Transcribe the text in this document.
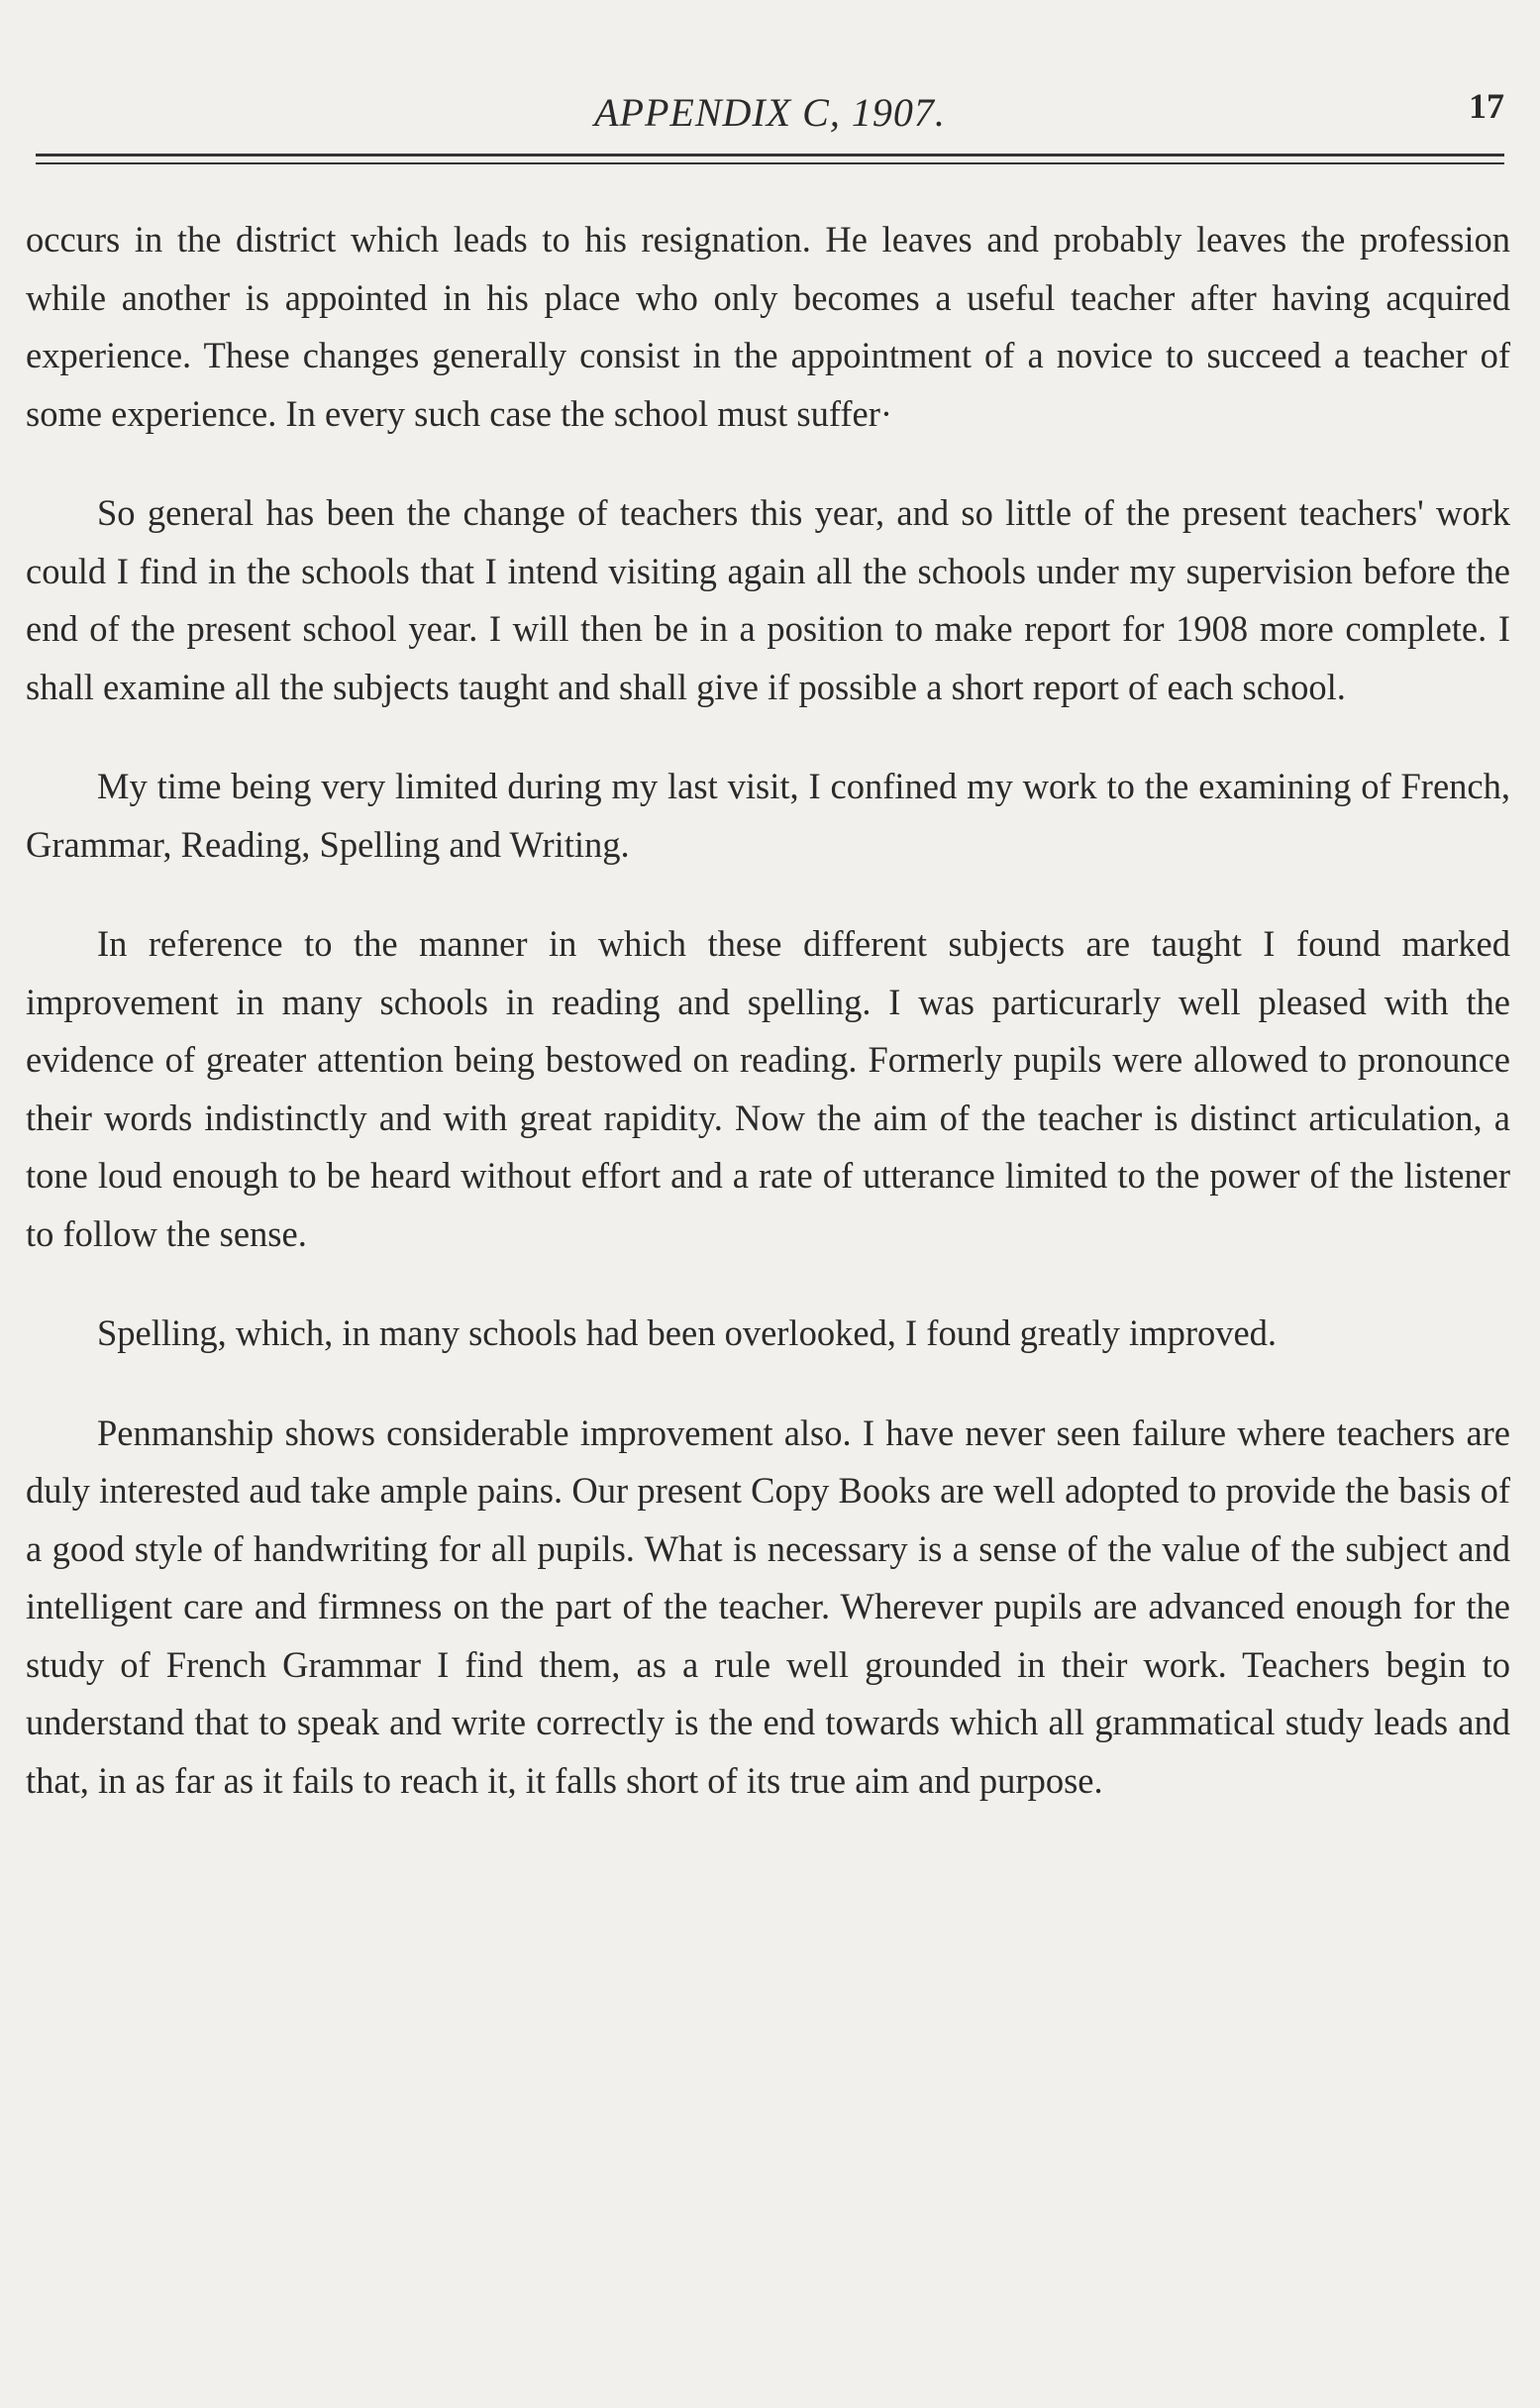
APPENDIX C, 1907.	17

occurs in the district which leads to his resignation. He leaves and probably leaves the profession while another is appointed in his place who only becomes a useful teacher after having acquired experience. These changes generally consist in the appointment of a novice to succeed a teacher of some experience. In every such case the school must suffer·

So general has been the change of teachers this year, and so little of the present teachers' work could I find in the schools that I intend visiting again all the schools under my supervision before the end of the present school year. I will then be in a position to make report for 1908 more complete. I shall examine all the subjects taught and shall give if possible a short report of each school.

My time being very limited during my last visit, I confined my work to the examining of French, Grammar, Reading, Spelling and Writing.

In reference to the manner in which these different subjects are taught I found marked improvement in many schools in reading and spelling. I was particurarly well pleased with the evidence of greater attention being bestowed on reading. Formerly pupils were allowed to pronounce their words indistinctly and with great rapidity. Now the aim of the teacher is distinct articulation, a tone loud enough to be heard without effort and a rate of utterance limited to the power of the listener to follow the sense.

Spelling, which, in many schools had been overlooked, I found greatly improved.

Penmanship shows considerable improvement also. I have never seen failure where teachers are duly interested aud take ample pains. Our present Copy Books are well adopted to provide the basis of a good style of handwriting for all pupils. What is necessary is a sense of the value of the subject and intelligent care and firmness on the part of the teacher. Wherever pupils are advanced enough for the study of French Grammar I find them, as a rule well grounded in their work. Teachers begin to understand that to speak and write correctly is the end towards which all grammatical study leads and that, in as far as it fails to reach it, it falls short of its true aim and purpose.
